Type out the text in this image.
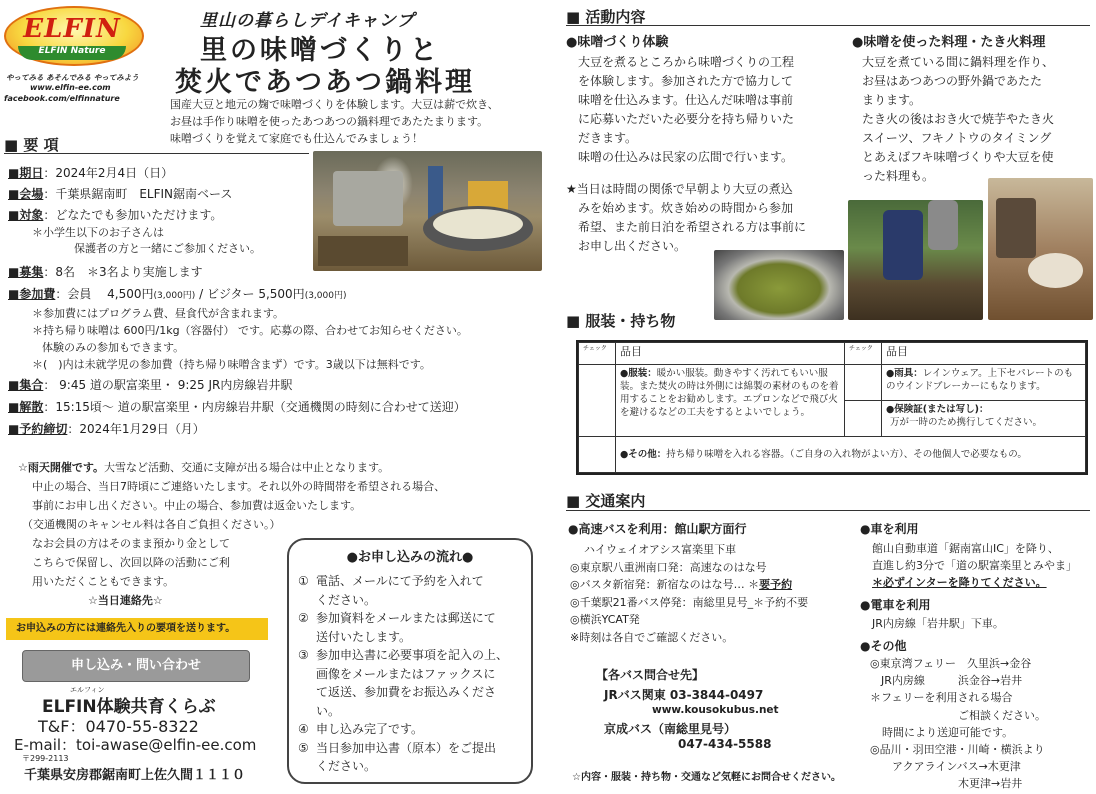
ELFIN
ELFIN Nature
やってみる あそんでみる やってみよう
www.elfin-ee.com
facebook.com/elfinnature
里山の暮らしデイキャンプ
里の味噌づくりと
焚火であつあつ鍋料理
国産大豆と地元の麹で味噌づくりを体験します。大豆は薪で炊き、
お昼は手作り味噌を使ったあつあつの鍋料理であたたまります。
味噌づくりを覚えて家庭でも仕込んでみましょう！
■ 要 項
■期日：2024年2月4日（日）
■会場：千葉県鋸南町　ELFIN鋸南ベース
■対象：どなたでも参加いただけます。
＊小学生以下のお子さんは
保護者の方と一緒にご参加ください。
■募集：8名　＊3名より実施します
■参加費：会員　 4,500円(3,000円) / ビジター 5,500円(3,000円)
＊参加費にはプログラム費、昼食代が含まれます。
＊持ち帰り味噌は 600円/1kg（容器付） です。応募の際、合わせてお知らせください。
体験のみの参加もできます。
＊(　)内は未就学児の参加費（持ち帰り味噌含まず）です。3歳以下は無料です。
■集合： 9:45 道の駅富楽里・ 9:25 JR内房線岩井駅
■解散：15:15頃～ 道の駅富楽里・内房線岩井駅（交通機関の時刻に合わせて送迎）
■予約締切：2024年1月29日（月）
☆雨天開催です。大雪など活動、交通に支障が出る場合は中止となります。
中止の場合、当日7時頃にご連絡いたします。それ以外の時間帯を希望される場合、
事前にお申し出ください。中止の場合、参加費は返金いたします。
（交通機関のキャンセル料は各自ご負担ください。）
なお会員の方はそのまま預かり金として
こちらで保留し、次回以降の活動にご利
用いただくこともできます。
☆当日連絡先☆
お申込みの方には連絡先入りの要項を送ります。
申し込み・問い合わせ
エルフィン
ELFIN体験共育くらぶ
T&F：0470-55-8322
E-mail：toi-awase@elfin-ee.com
〒299-2113
千葉県安房郡鋸南町上佐久間１１１０
●お申し込みの流れ●
① 電話、メールにて予約を入れて
ください。
② 参加資料をメールまたは郵送にて
送付いたします。
③ 参加申込書に必要事項を記入の上、
画像をメールまたはファックスに
て返送、参加費をお振込みくださ
い。
④ 申し込み完了です。
⑤ 当日参加申込書（原本）をご提出
ください。
■ 活動内容
●味噌づくり体験
大豆を煮るところから味噌づくりの工程
を体験します。参加された方で協力して
味噌を仕込みます。仕込んだ味噌は事前
に応募いただいた必要分を持ち帰りいた
だきます。
味噌の仕込みは民家の広間で行います。
★当日は時間の関係で早朝より大豆の煮込
みを始めます。炊き始めの時間から参加
希望、また前日泊を希望される方は事前に
お申し出ください。
●味噌を使った料理・たき火料理
大豆を煮ている間に鍋料理を作り、
お昼はあつあつの野外鍋であたた
まります。
たき火の後はおき火で焼芋やたき火
スイーツ、フキノトウのタイミング
とあえばフキ味噌づくりや大豆を使
った料理も。
■ 服装・持ち物
チェック	品目	チェック	品目
	●服装：暖かい服装。動きやすく汚れてもいい服装。また焚火の時は外側には綿製の素材のものを着用することをお勧めします。エプロンなどで飛び火を避けるなどの工夫をするとよいでしょう。		●雨具：レインウェア。上下セパレートのものウインドブレーカーにもなります。

			●保険証(または写し)：
万が一時のため携行してください。

	●その他：持ち帰り味噌を入れる容器。（ご自身の入れ物がよい方）、その他個人で必要なもの。		
■ 交通案内
●高速バスを利用：館山駅方面行
ハイウェイオアシス富楽里下車
◎東京駅八重洲南口発：高速なのはな号
◎バスタ新宿発：新宿なのはな号… ＊要予約
◎千葉駅21番バス停発：南総里見号_＊予約不要
◎横浜YCAT発
※時刻は各自でご確認ください。
【各バス問合せ先】
JRバス関東 03-3844-0497
www.kousokubus.net
京成バス（南総里見号）
047-434-5588
☆内容・服装・持ち物・交通など気軽にお問合せください。
●車を利用
館山自動車道「鋸南富山IC」を降り、
直進し約3分で「道の駅富楽里とみやま」
＊必ずインターを降りてください。
●電車を利用
JR内房線「岩井駅」下車。
●その他
◎東京湾フェリー　久里浜→金谷
　JR内房線　　　浜金谷→岩井
＊フェリーを利用される場合
　　　　　　　　ご相談ください。
時間により送迎可能です。
◎品川・羽田空港・川崎・横浜より
　　アクアラインバス→木更津
　　　　　　　　木更津→岩井
